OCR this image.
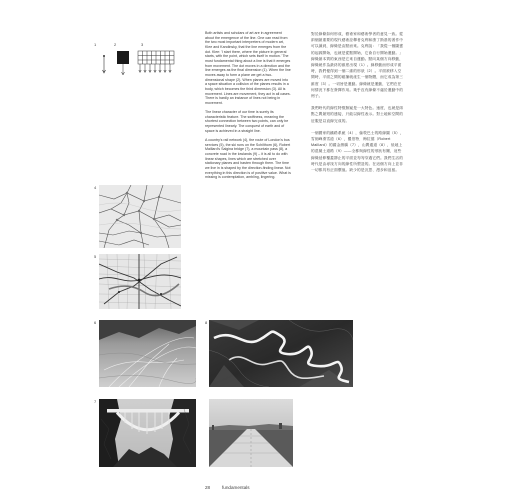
1	2	3

Both artists and scholars of art are in agreement about the emergence of the line. One can read from the two most important interpreters of modern art, Klee and Kandinsky, that the line emerges from the dot. Klee: 'I start there, where the picture in general starts, with the point, which sets itself in motion.' The most fundamental thing about a line is that it emerges from movement. The dot moves in a direction and the line emerges as the final dimension (1). When the line moves away to form a plane we get a two-dimensional shape (2). When planes are moved into a space situation a collision of the planes results in a body, which becomes the third dimension (3). All is movement. Lines are movement, they act in all cases. There is hardly an instance of lines not being in movement.

The linear character of our time is surely its characteristic feature. The swiftness, meaning the shortest connection between two points, can only be represented linearly. The conquest of earth and of space is achieved in a straight line.

A country's rail network (4), the route of London's bus services (5), the ski runs on the Schilthorn (6), Robert Maillard's Salgina bridge (7), a mountain pass (8), a concrete road in the lowlands (9) – it is all to do with linear shapes, lines which are stretched over stationary planes and hasten through them. The time we live in is shaped by the direction-finding linear. Not everything in this direction is of positive value. What is missing is contemplation, ambling, lingering.

對於線條如何形成，藝術家和藝術學者的意見一致。從兩個最重要的現代藝術詮釋者克利和康丁斯基的著作中可以讀到，線條是由點而來。克利說：「我從一個圖畫的起源開始，也就是從點開始，它會自行開始運動。」線條最本質的東西是它來自運動。點向某個方向移動，線條就作為最終的維度出現（1）。線移動而形成平面時，我們便得到一個二維的形狀（2）。平面被移入空間時，平面之間的碰撞就產生一個物體，而它成為第三維度（3）。一切皆是運動。線條就是運動，它們在任何情況下都在發揮作用。幾乎沒有線條不處於運動中的例子。

我們時代的線性特徵無疑是一大特色。速度，也就是兩點之間最短的連接，只能以線性表示。對土地和空間的征服是以直線完成的。

一個國家的鐵路系統（4），倫敦巴士的路線圖（5），雪朗峰滑雪道（6），羅伯特．梅拉德（Robert Maillard）的薩金納橋（7），山間通道（8），低地上的混凝土道路（9）——全都與線性的形狀有關，這些線條延伸覆蓋靜止的平面並匆匆穿過它們。我們生活的時代是由尋找方向的線性所塑造的。在這個方向上並非一切都具有正面價值。缺少的是沉思、漫步和逗留。

4
5
6
7
8
28	fundamentals
